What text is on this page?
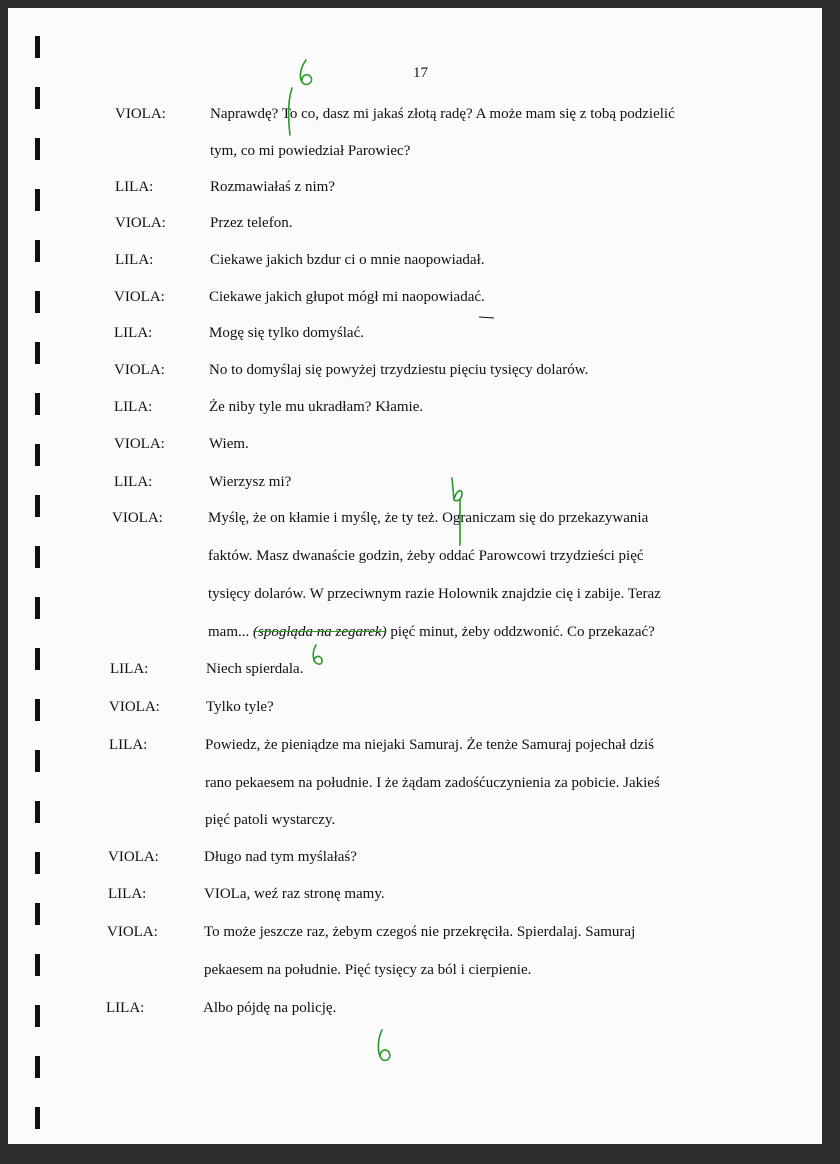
17
VIOLA:	Naprawdę? To co, dasz mi jakaś złotą radę? A może mam się z tobą podzielić
tym, co mi powiedział Parowiec?
LILA:	Rozmawiałaś z nim?
VIOLA:	Przez telefon.
LILA:	Ciekawe jakich bzdur ci o mnie naopowiadał.
VIOLA:	Ciekawe jakich głupot mógł mi naopowiadać.
LILA:	Mogę się tylko domyślać.
VIOLA:	No to domyślaj się powyżej trzydziestu pięciu tysięcy dolarów.
LILA:	Że niby tyle mu ukradłam? Kłamie.
VIOLA:	Wiem.
LILA:	Wierzysz mi?
VIOLA:	Myślę, że on kłamie i myślę, że ty też. Ograniczam się do przekazywania
faktów. Masz dwanaście godzin, żeby oddać Parowcowi trzydzieści pięć
tysięcy dolarów. W przeciwnym razie Holownik znajdzie cię i zabije. Teraz
mam... (spogląda na zegarek) pięć minut, żeby oddzwonić. Co przekazać?
LILA:	Niech spierdala.
VIOLA:	Tylko tyle?
LILA:	Powiedz, że pieniądze ma niejaki Samuraj. Że tenże Samuraj pojechał dziś
rano pekaesem na południe. I że żądam zadośćuczynienia za pobicie. Jakieś
pięć patoli wystarczy.
VIOLA:	Długo nad tym myślałaś?
LILA:	VIOLa, weź raz stronę mamy.
VIOLA:	To może jeszcze raz, żebym czegoś nie przekręciła. Spierdalaj. Samuraj
pekaesem na południe. Pięć tysięcy za ból i cierpienie.
LILA:	Albo pójdę na policję.
